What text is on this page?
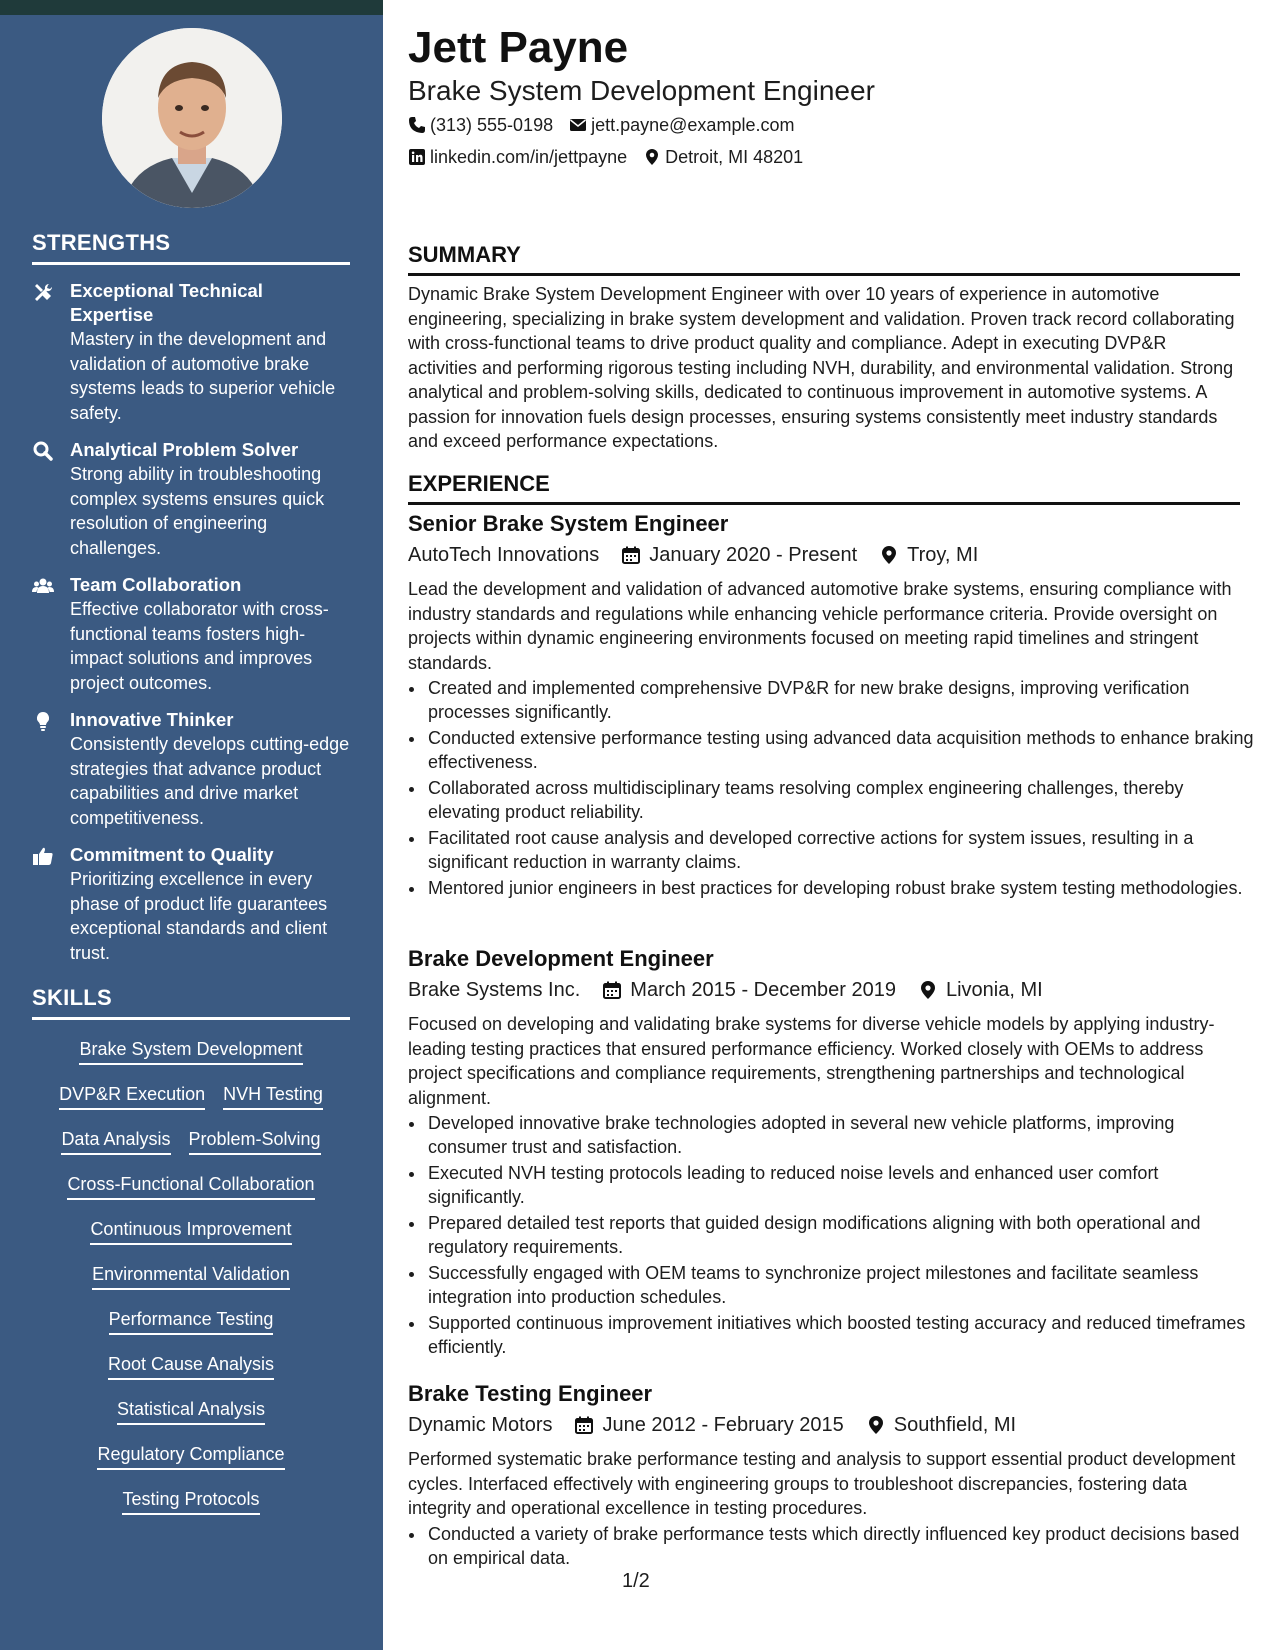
STRENGTHS
Exceptional Technical Expertise
Mastery in the development and validation of automotive brake systems leads to superior vehicle safety.
Analytical Problem Solver
Strong ability in troubleshooting complex systems ensures quick resolution of engineering challenges.
Team Collaboration
Effective collaborator with cross-functional teams fosters high-impact solutions and improves project outcomes.
Innovative Thinker
Consistently develops cutting-edge strategies that advance product capabilities and drive market competitiveness.
Commitment to Quality
Prioritizing excellence in every phase of product life guarantees exceptional standards and client trust.
SKILLS
Brake System Development
DVP&R Execution NVH Testing
Data Analysis Problem-Solving
Cross-Functional Collaboration
Continuous Improvement
Environmental Validation
Performance Testing
Root Cause Analysis
Statistical Analysis
Regulatory Compliance
Testing Protocols
Jett Payne
Brake System Development Engineer
(313) 555-0198 jett.payne@example.com
linkedin.com/in/jettpayne Detroit, MI 48201
SUMMARY
Dynamic Brake System Development Engineer with over 10 years of experience in automotive engineering, specializing in brake system development and validation. Proven track record collaborating with cross-functional teams to drive product quality and compliance. Adept in executing DVP&R activities and performing rigorous testing including NVH, durability, and environmental validation. Strong analytical and problem-solving skills, dedicated to continuous improvement in automotive systems. A passion for innovation fuels design processes, ensuring systems consistently meet industry standards and exceed performance expectations.
EXPERIENCE
Senior Brake System Engineer
AutoTech Innovations	January 2020 - Present	Troy, MI
Lead the development and validation of advanced automotive brake systems, ensuring compliance with industry standards and regulations while enhancing vehicle performance criteria. Provide oversight on projects within dynamic engineering environments focused on meeting rapid timelines and stringent standards.
• Created and implemented comprehensive DVP&R for new brake designs, improving verification processes significantly.
• Conducted extensive performance testing using advanced data acquisition methods to enhance braking effectiveness.
• Collaborated across multidisciplinary teams resolving complex engineering challenges, thereby elevating product reliability.
• Facilitated root cause analysis and developed corrective actions for system issues, resulting in a significant reduction in warranty claims.
• Mentored junior engineers in best practices for developing robust brake system testing methodologies.
Brake Development Engineer
Brake Systems Inc.	March 2015 - December 2019	Livonia, MI
Focused on developing and validating brake systems for diverse vehicle models by applying industry-leading testing practices that ensured performance efficiency. Worked closely with OEMs to address project specifications and compliance requirements, strengthening partnerships and technological alignment.
• Developed innovative brake technologies adopted in several new vehicle platforms, improving consumer trust and satisfaction.
• Executed NVH testing protocols leading to reduced noise levels and enhanced user comfort significantly.
• Prepared detailed test reports that guided design modifications aligning with both operational and regulatory requirements.
• Successfully engaged with OEM teams to synchronize project milestones and facilitate seamless integration into production schedules.
• Supported continuous improvement initiatives which boosted testing accuracy and reduced timeframes efficiently.
Brake Testing Engineer
Dynamic Motors	June 2012 - February 2015	Southfield, MI
Performed systematic brake performance testing and analysis to support essential product development cycles. Interfaced effectively with engineering groups to troubleshoot discrepancies, fostering data integrity and operational excellence in testing procedures.
• Conducted a variety of brake performance tests which directly influenced key product decisions based on empirical data.
1/2
